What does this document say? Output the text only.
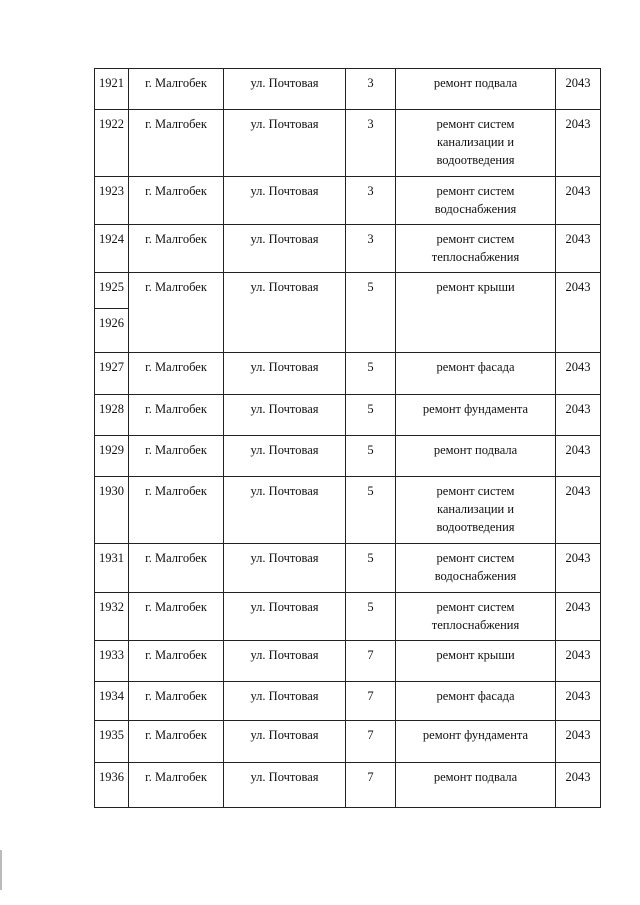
1921	г. Малгобек	ул. Почтовая	3	ремонт подвала	2043
1922	г. Малгобек	ул. Почтовая	3	ремонт систем
канализации и
водоотведения	2043
1923	г. Малгобек	ул. Почтовая	3	ремонт систем
водоснабжения	2043
1924	г. Малгобек	ул. Почтовая	3	ремонт систем
теплоснабжения	2043
1925	г. Малгобек	ул. Почтовая	5	ремонт крыши	2043
1926					
1927	г. Малгобек	ул. Почтовая	5	ремонт фасада	2043
1928	г. Малгобек	ул. Почтовая	5	ремонт фундамента	2043
1929	г. Малгобек	ул. Почтовая	5	ремонт подвала	2043
1930	г. Малгобек	ул. Почтовая	5	ремонт систем
канализации и
водоотведения	2043
1931	г. Малгобек	ул. Почтовая	5	ремонт систем
водоснабжения	2043
1932	г. Малгобек	ул. Почтовая	5	ремонт систем
теплоснабжения	2043
1933	г. Малгобек	ул. Почтовая	7	ремонт крыши	2043
1934	г. Малгобек	ул. Почтовая	7	ремонт фасада	2043
1935	г. Малгобек	ул. Почтовая	7	ремонт фундамента	2043
1936	г. Малгобек	ул. Почтовая	7	ремонт подвала	2043
